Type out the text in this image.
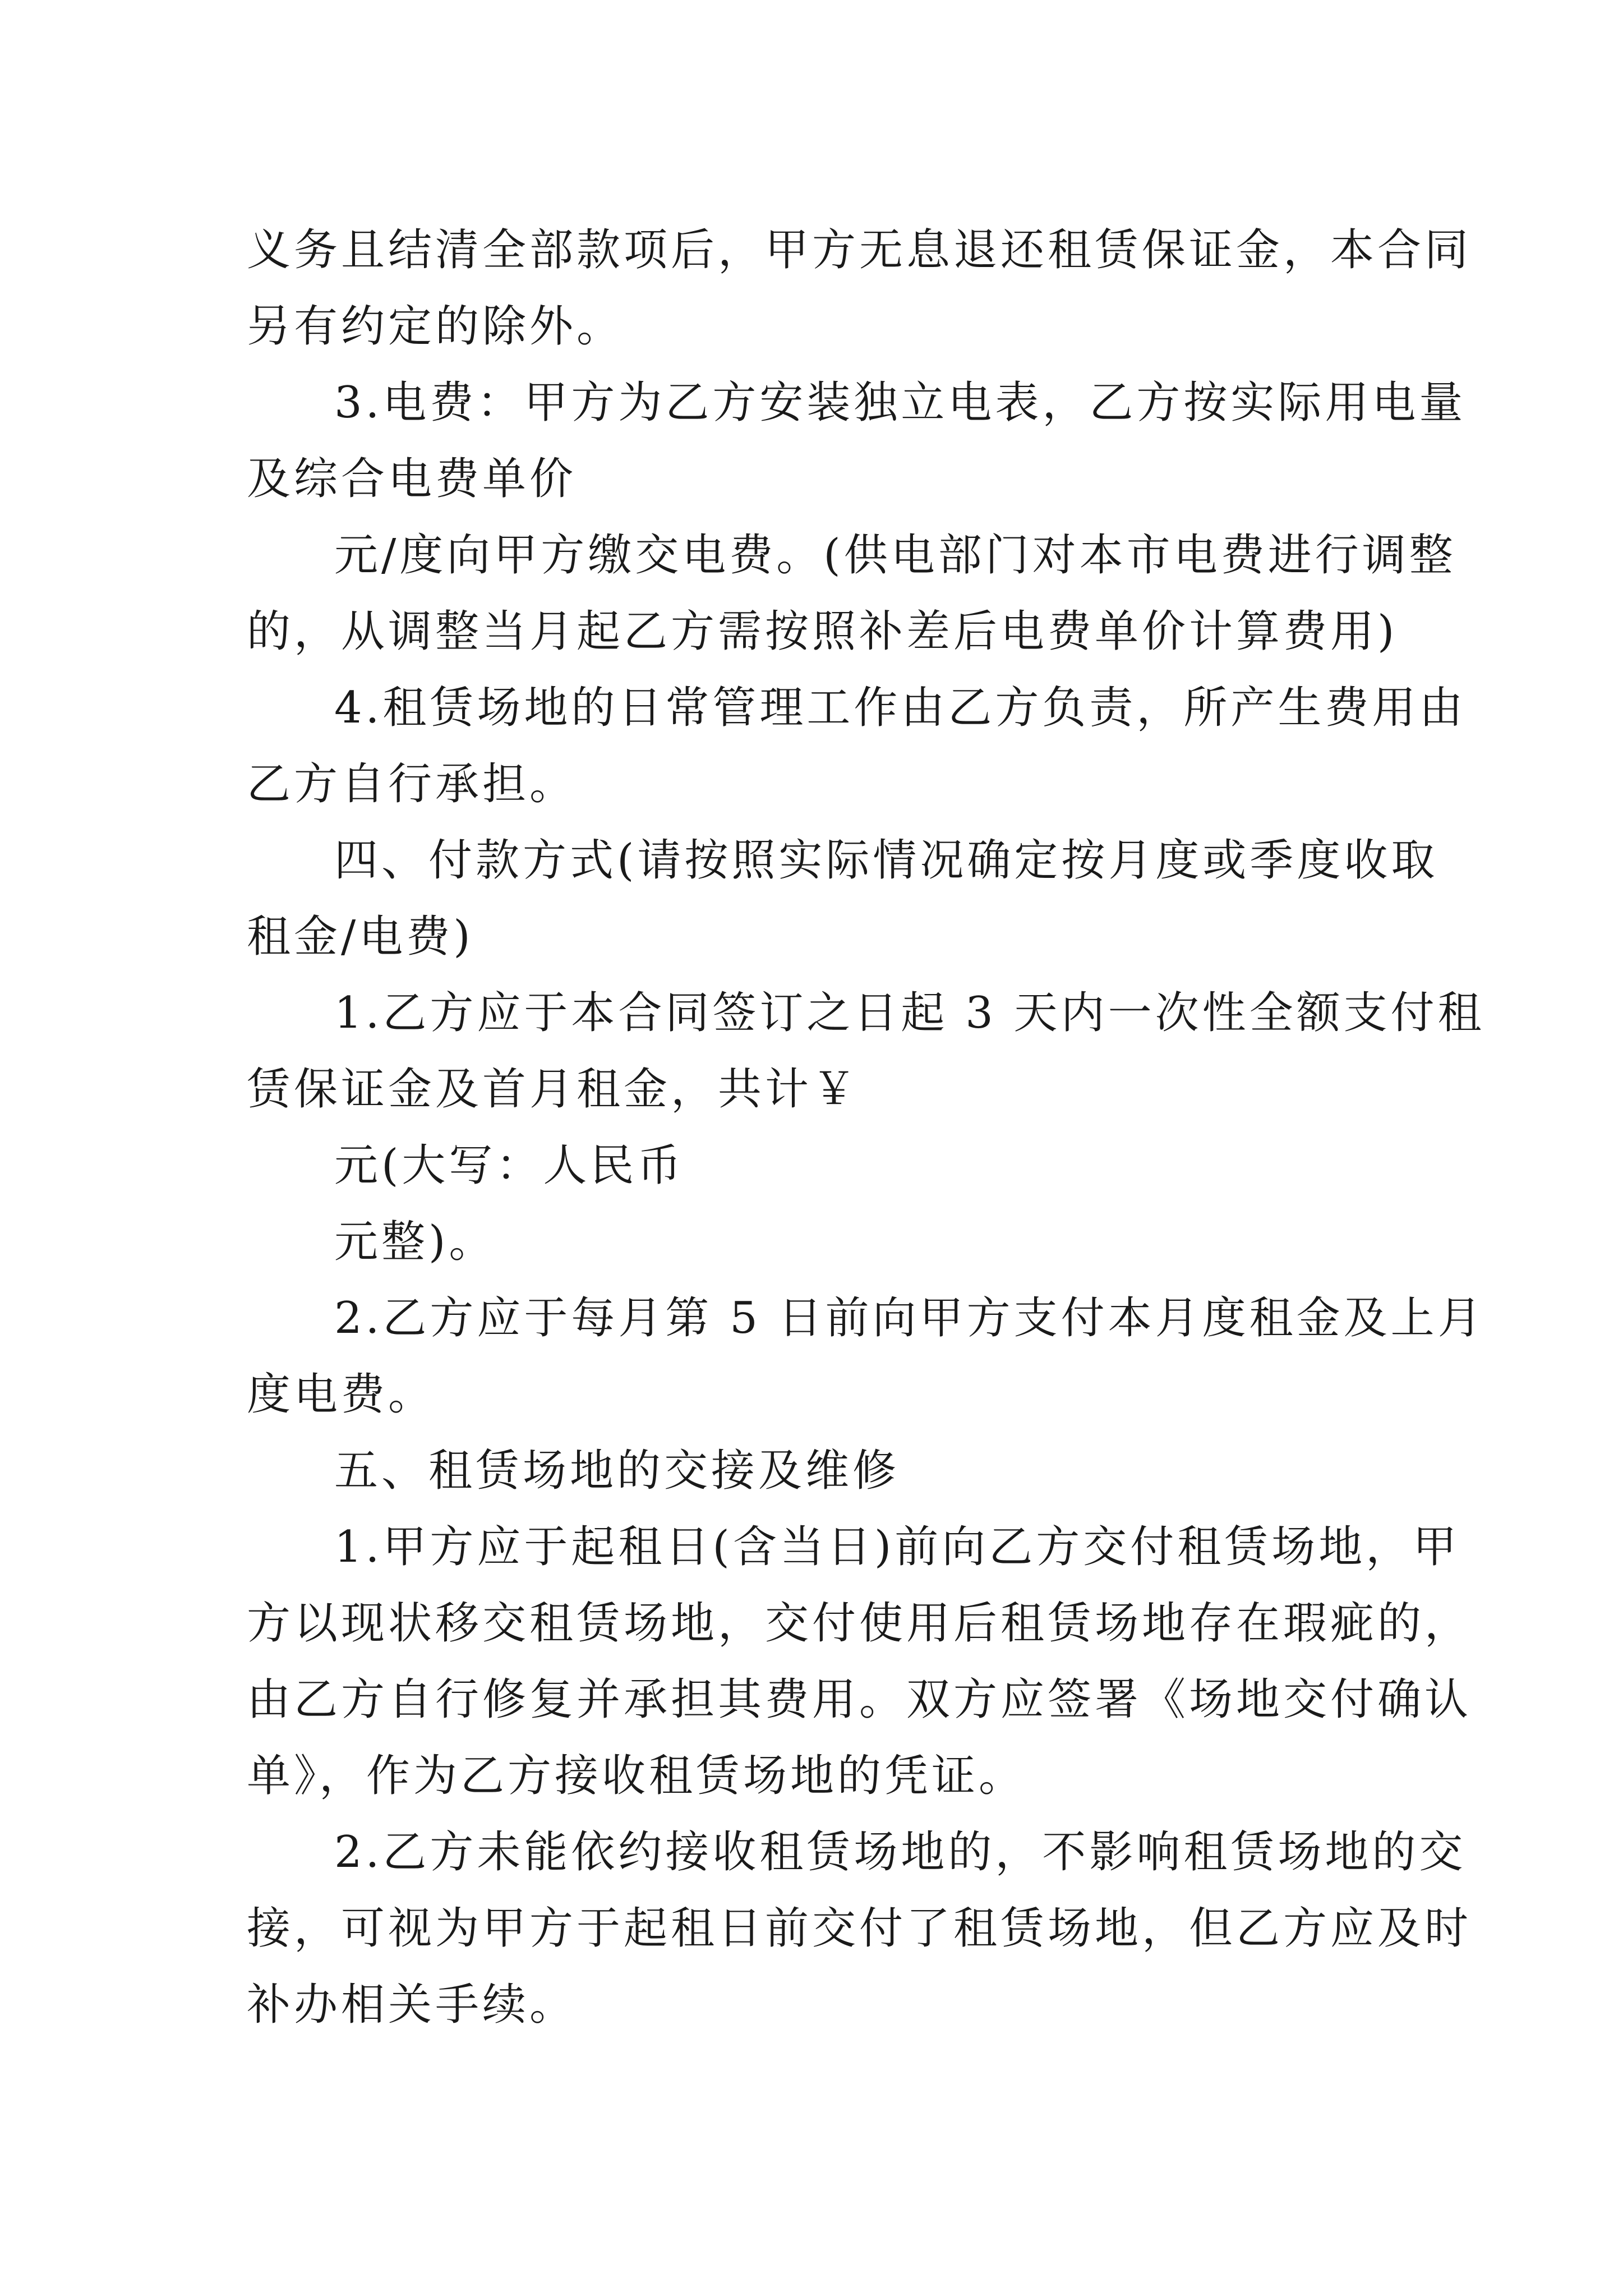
义务且结清全部款项后，甲方无息退还租赁保证金，本合同
另有约定的除外。
3.电费：甲方为乙方安装独立电表，乙方按实际用电量
及综合电费单价
元/度向甲方缴交电费。(供电部门对本市电费进行调整
的，从调整当月起乙方需按照补差后电费单价计算费用)
4.租赁场地的日常管理工作由乙方负责，所产生费用由
乙方自行承担。
四、付款方式(请按照实际情况确定按月度或季度收取
租金/电费)
1.乙方应于本合同签订之日起 3 天内一次性全额支付租
赁保证金及首月租金，共计￥
元(大写：人民币
元整)。
2.乙方应于每月第 5 日前向甲方支付本月度租金及上月
度电费。
五、租赁场地的交接及维修
1.甲方应于起租日(含当日)前向乙方交付租赁场地，甲
方以现状移交租赁场地，交付使用后租赁场地存在瑕疵的，
由乙方自行修复并承担其费用。双方应签署《场地交付确认
单》，作为乙方接收租赁场地的凭证。
2.乙方未能依约接收租赁场地的，不影响租赁场地的交
接，可视为甲方于起租日前交付了租赁场地，但乙方应及时
补办相关手续。
